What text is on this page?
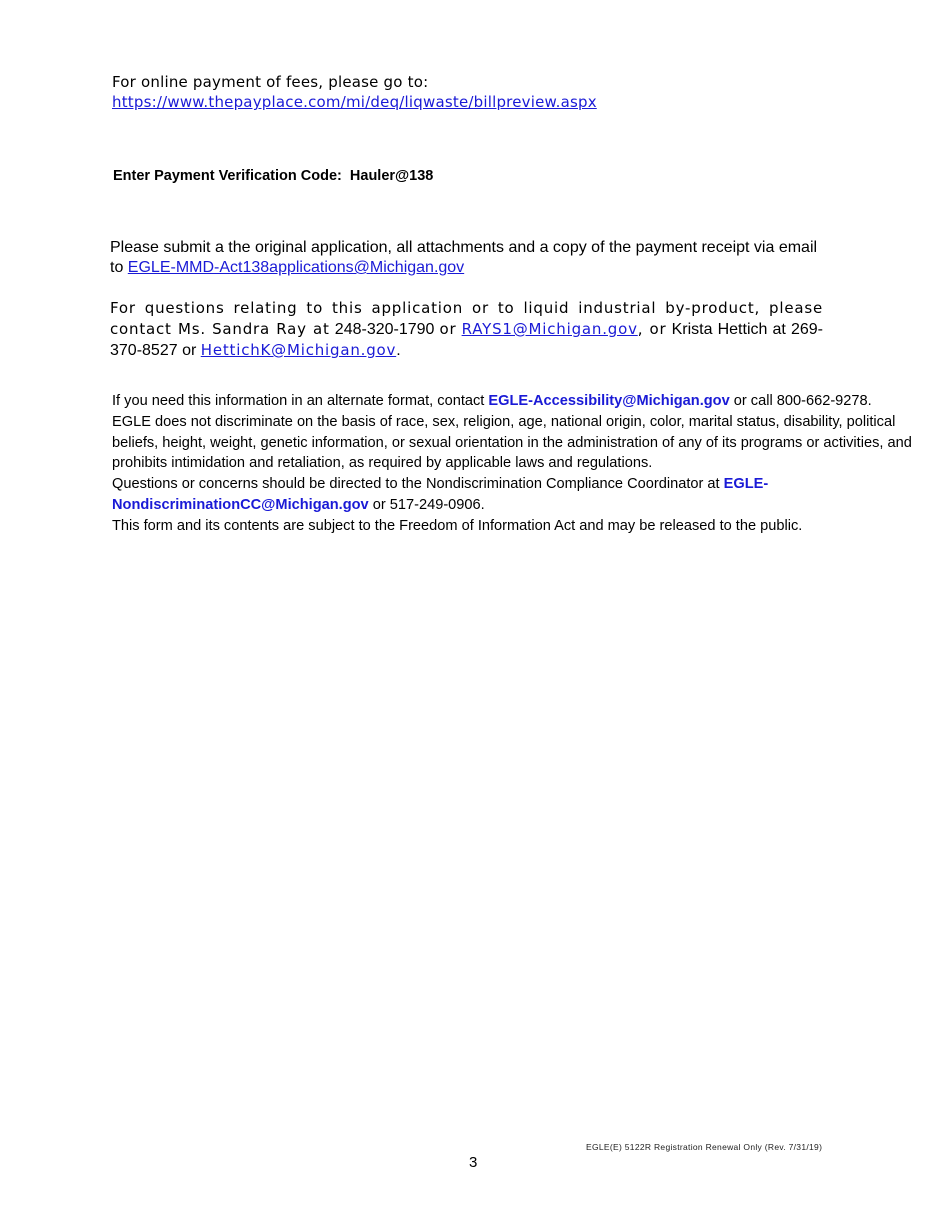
For online payment of fees, please go to:
https://www.thepayplace.com/mi/deq/liqwaste/billpreview.aspx
Enter Payment Verification Code: Hauler@138
Please submit a the original application, all attachments and a copy of the payment receipt via email to EGLE-MMD-Act138applications@Michigan.gov
For questions relating to this application or to liquid industrial by-product, please contact Ms. Sandra Ray at 248-320-1790 or RAYS1@Michigan.gov, or Krista Hettich at 269-370-8527 or HettichK@Michigan.gov.

If you need this information in an alternate format, contact EGLE-Accessibility@Michigan.gov or call 800-662-9278.

EGLE does not discriminate on the basis of race, sex, religion, age, national origin, color, marital status, disability, political beliefs, height, weight, genetic information, or sexual orientation in the administration of any of its programs or activities, and prohibits intimidation and retaliation, as required by applicable laws and regulations.

Questions or concerns should be directed to the Nondiscrimination Compliance Coordinator at EGLE-NondiscriminationCC@Michigan.gov or 517-249-0906.

This form and its contents are subject to the Freedom of Information Act and may be released to the public.

EGLE(E) 5122R Registration Renewal Only (Rev. 7/31/19)
3
